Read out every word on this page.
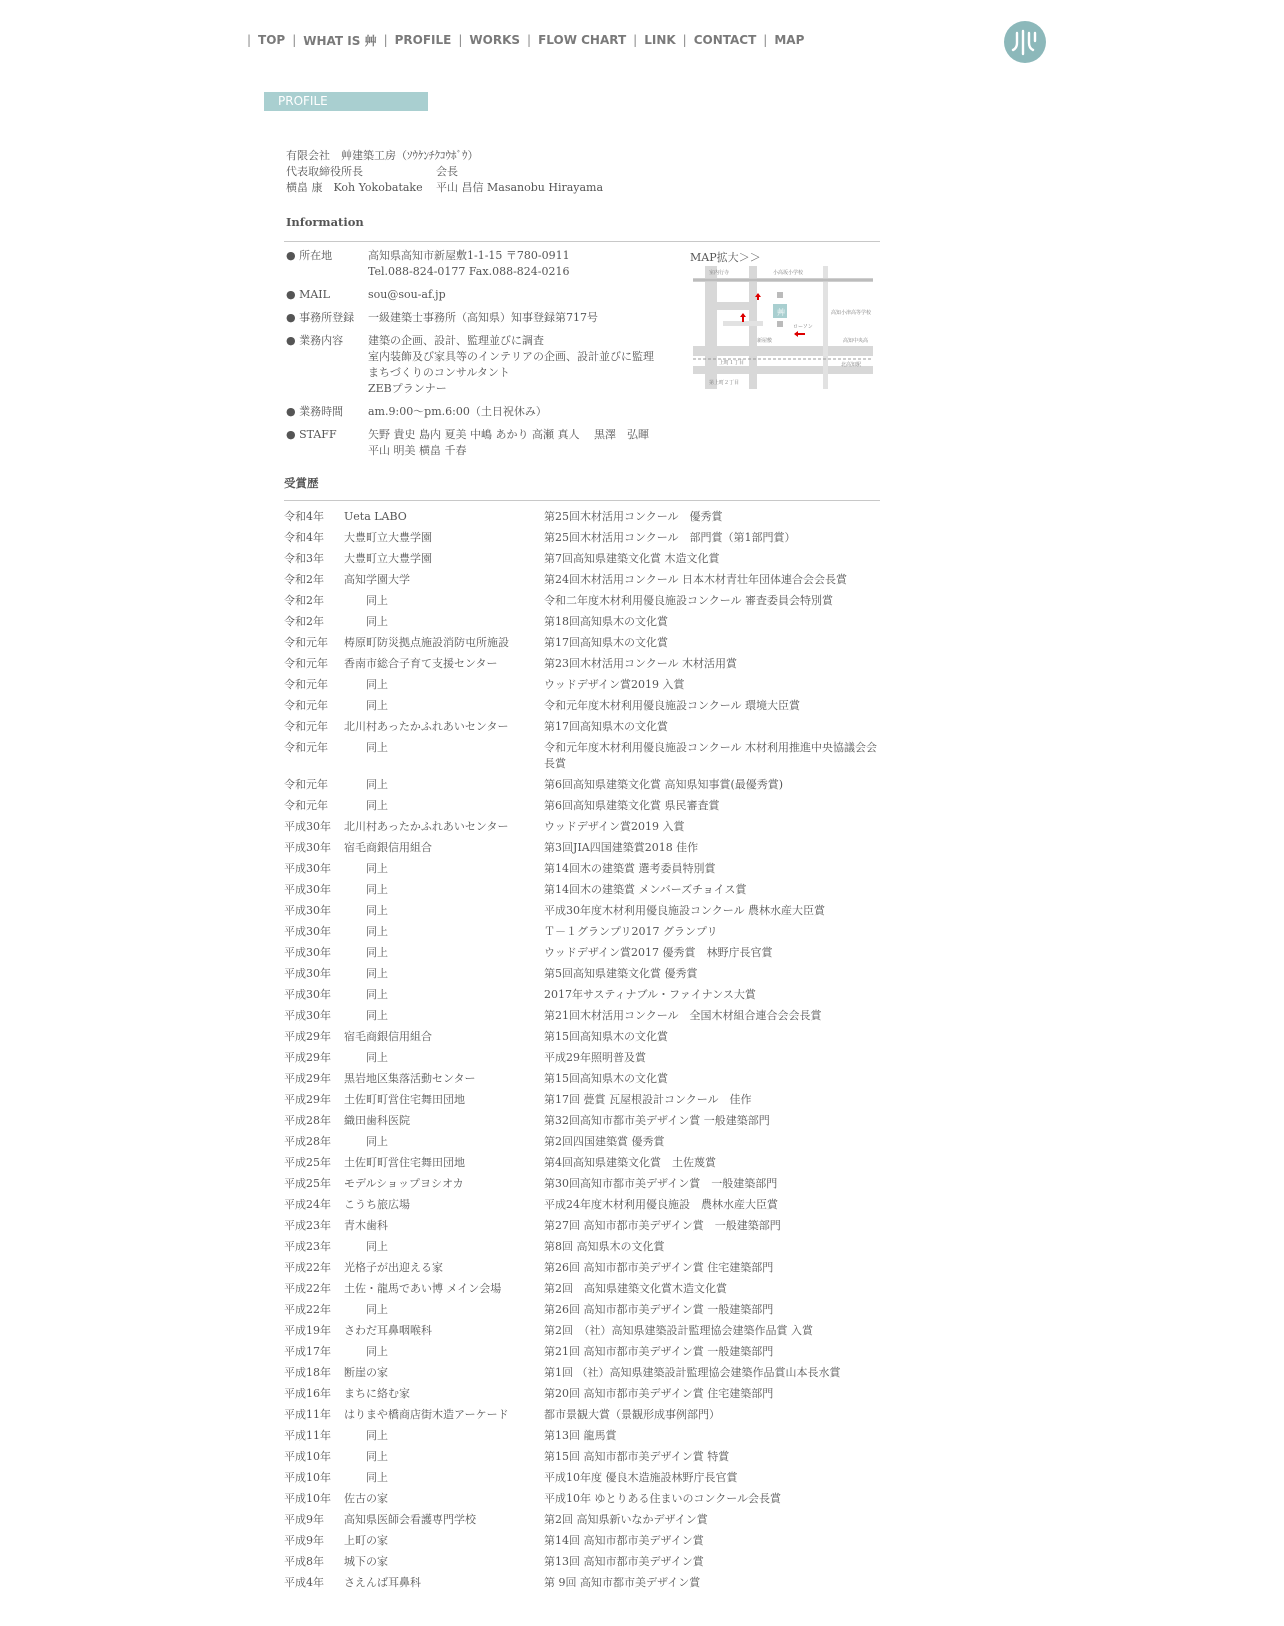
| TOP | WHAT IS 艸 | PROFILE | WORKS | FLOW CHART | LINK | CONTACT | MAP
PROFILE
有限会社　艸建築工房（ｿｳｹﾝﾁｸｺｳﾎﾞｳ）
代表取締役所長	会長
横畠 康　Koh Yokobatake	平山 昌信 Masanobu Hirayama
Information
● 所在地	高知県高知市新屋敷1-1-15 〒780-0911
Tel.088-824-0177 Fax.088-824-0216
● MAIL	sou@sou-af.jp
● 事務所登録	一級建築士事務所（高知県）知事登録第717号
● 業務内容	建築の企画、設計、監理並びに調査
室内装飾及び家具等のインテリアの企画、設計並びに監理
まちづくりのコンサルタント
ZEBプランナー
● 業務時間	am.9:00～pm.6:00（土日祝休み）
● STAFF	矢野 貴史 島内 夏美 中嶋 あかり 高瀬 真人　 黒澤　弘暉
平山 明美 横畠 千春
MAP拡大＞＞
艸
室内行寺	小高坂小学校
高知小津高等学校
高知中央高
北高知駅
第上町２丁目
上町１丁目
新屋敷
ローソン
受賞歴
令和4年	Ueta LABO	第25回木材活用コンクール　優秀賞
令和4年	大豊町立大豊学園	第25回木材活用コンクール　部門賞（第1部門賞）
令和3年	大豊町立大豊学園	第7回高知県建築文化賞 木造文化賞
令和2年	高知学園大学	第24回木材活用コンクール 日本木材青壮年団体連合会会長賞
令和2年	　　同上	令和二年度木材利用優良施設コンクール 審査委員会特別賞
令和2年	　　同上	第18回高知県木の文化賞
令和元年	梼原町防災拠点施設消防屯所施設	第17回高知県木の文化賞
令和元年	香南市総合子育て支援センター	第23回木材活用コンクール 木材活用賞
令和元年	　　同上	ウッドデザイン賞2019 入賞
令和元年	　　同上	令和元年度木材利用優良施設コンクール 環境大臣賞
令和元年	北川村あったかふれあいセンター	第17回高知県木の文化賞
令和元年	　　同上	令和元年度木材利用優良施設コンクール 木材利用推進中央協議会会長賞
令和元年	　　同上	第6回高知県建築文化賞 高知県知事賞(最優秀賞)
令和元年	　　同上	第6回高知県建築文化賞 県民審査賞
平成30年	北川村あったかふれあいセンター	ウッドデザイン賞2019 入賞
平成30年	宿毛商銀信用組合	第3回JIA四国建築賞2018 佳作
平成30年	　　同上	第14回木の建築賞 選考委員特別賞
平成30年	　　同上	第14回木の建築賞 メンバーズチョイス賞
平成30年	　　同上	平成30年度木材利用優良施設コンクール 農林水産大臣賞
平成30年	　　同上	Ｔ－１グランプリ2017 グランプリ
平成30年	　　同上	ウッドデザイン賞2017 優秀賞　林野庁長官賞
平成30年	　　同上	第5回高知県建築文化賞 優秀賞
平成30年	　　同上	2017年サスティナブル・ファイナンス大賞
平成30年	　　同上	第21回木材活用コンクール　全国木材組合連合会会長賞
平成29年	宿毛商銀信用組合	第15回高知県木の文化賞
平成29年	　　同上	平成29年照明普及賞
平成29年	黒岩地区集落活動センター	第15回高知県木の文化賞
平成29年	土佐町町営住宅舞田団地	第17回 甍賞 瓦屋根設計コンクール　佳作
平成28年	織田歯科医院	第32回高知市都市美デザイン賞 一般建築部門
平成28年	　　同上	第2回四国建築賞 優秀賞
平成25年	土佐町町営住宅舞田団地	第4回高知県建築文化賞　土佐蔑賞
平成25年	モデルショップヨシオカ	第30回高知市都市美デザイン賞　一般建築部門
平成24年	こうち旅広場	平成24年度木材利用優良施設　農林水産大臣賞
平成23年	青木歯科	第27回 高知市都市美デザイン賞　一般建築部門
平成23年	　　同上	第8回 高知県木の文化賞
平成22年	光格子が出迎える家	第26回 高知市都市美デザイン賞 住宅建築部門
平成22年	土佐・龍馬であい博 メイン会場	第2回　高知県建築文化賞木造文化賞
平成22年	　　同上	第26回 高知市都市美デザイン賞 一般建築部門
平成19年	さわだ耳鼻咽喉科	第2回　（社）高知県建築設計監理協会建築作品賞 入賞
平成17年	　　同上	第21回 高知市都市美デザイン賞 一般建築部門
平成18年	断崖の家	第1回 （社）高知県建築設計監理協会建築作品賞山本長水賞
平成16年	まちに絡む家	第20回 高知市都市美デザイン賞 住宅建築部門
平成11年	はりまや橋商店街木造アーケード	都市景観大賞（景観形成事例部門）
平成11年	　　同上	第13回 龍馬賞
平成10年	　　同上	第15回 高知市都市美デザイン賞 特賞
平成10年	　　同上	平成10年度 優良木造施設林野庁長官賞
平成10年	佐古の家	平成10年 ゆとりある住まいのコンクール会長賞
平成9年	高知県医師会看護専門学校	第2回 高知県新いなかデザイン賞
平成9年	上町の家	第14回 高知市都市美デザイン賞
平成8年	城下の家	第13回 高知市都市美デザイン賞
平成4年	さえんば耳鼻科	第 9回 高知市都市美デザイン賞
